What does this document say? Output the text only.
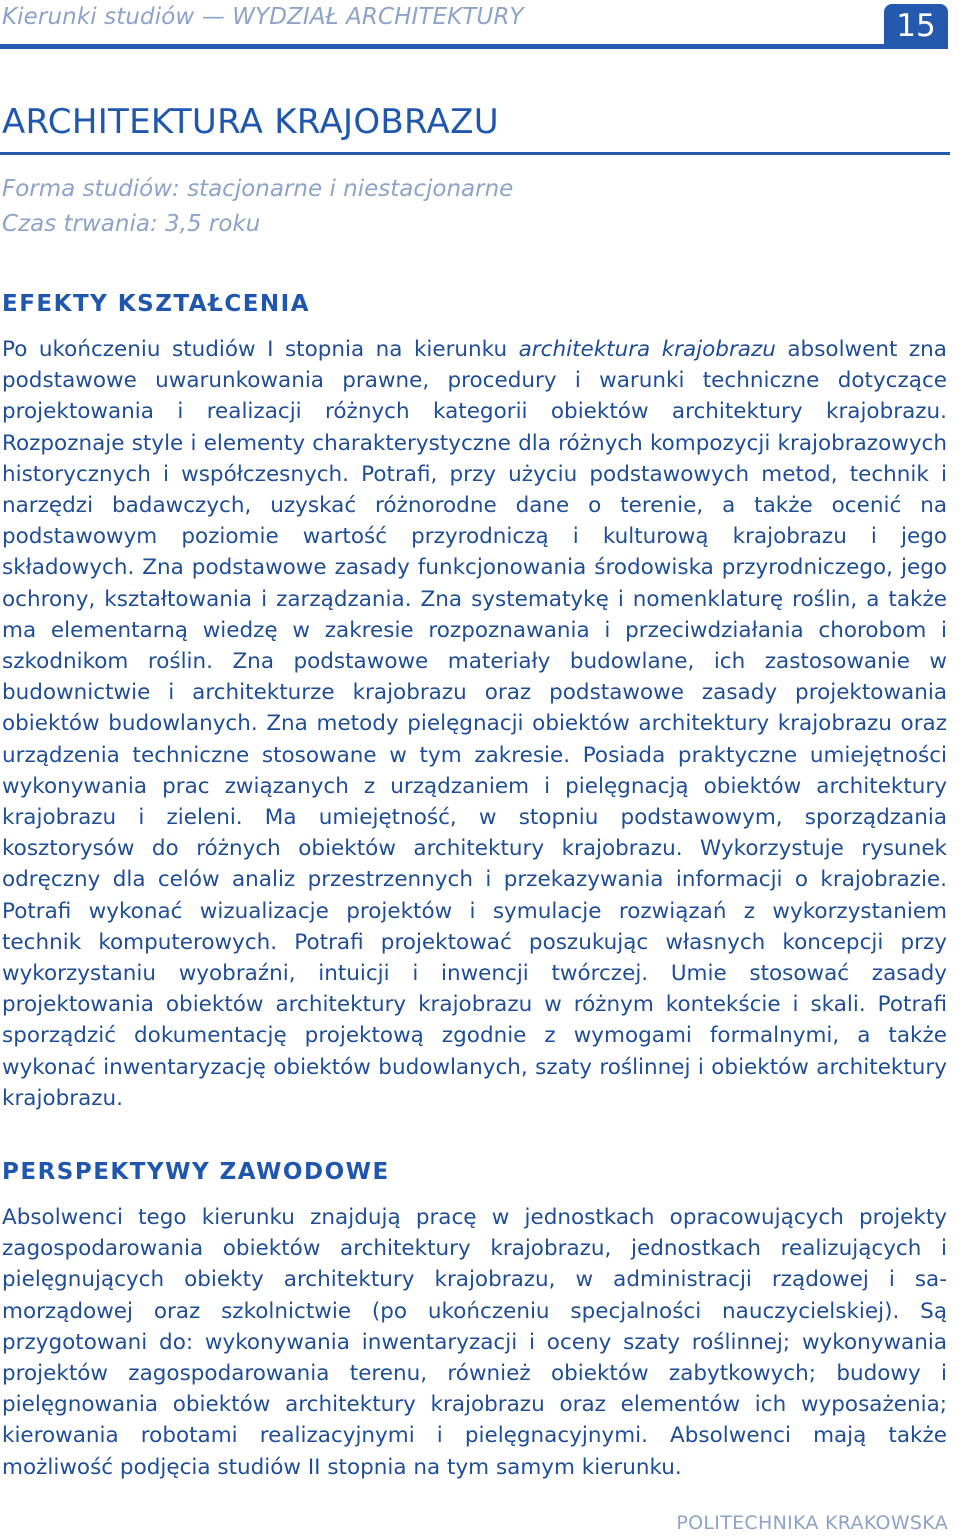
Kierunki studiów — WYDZIAŁ ARCHITEKTURY	15
ARCHITEKTURA KRAJOBRAZU
Forma studiów: stacjonarne i niestacjonarne
Czas trwania: 3,5 roku
EFEKTY KSZTAŁCENIA
Po ukończeniu studiów I stopnia na kierunku architektura krajobrazu absolwent zna podstawowe uwarunkowania prawne, procedury i warunki techniczne dotyczące projektowania i realizacji różnych kategorii obiektów architektury krajobrazu. Rozpoznaje style i elementy charakterystyczne dla różnych kompozycji krajobrazowych historycznych i współczesnych. Potrafi, przy użyciu podstawowych metod, technik i narzędzi badawczych, uzyskać różnorodne dane o terenie, a także ocenić na podstawowym poziomie wartość przyrodniczą i kulturową krajobrazu i jego składowych. Zna podstawowe zasady funkcjonowania środowiska przyrodniczego, jego ochrony, kształtowania i zarządzania. Zna systematykę i nomenklaturę roślin, a także ma elementarną wiedzę w zakresie rozpoznawania i przeciwdziałania chorobom i szkodnikom roślin. Zna podstawowe materiały budowlane, ich zastosowanie w budownictwie i architekturze krajobrazu oraz podstawowe zasady projektowania obiektów budowlanych. Zna metody pielęgnacji obiektów architektury krajobrazu oraz urządzenia techniczne stosowane w tym zakresie. Posiada praktyczne umiejętności wykonywania prac związanych z urządzaniem i pielęgnacją obiektów architektury krajobrazu i zieleni. Ma umiejętność, w stopniu podstawowym, sporządzania kosztorysów do różnych obiektów architektury krajobrazu. Wykorzystuje rysunek odręczny dla celów analiz przestrzennych i przekazywania informacji o krajobrazie. Potrafi wykonać wizualizacje projektów i symulacje rozwiązań z wykorzystaniem technik komputerowych. Potrafi projektować poszukując własnych koncepcji przy wykorzystaniu wyobraźni, intuicji i inwencji twórczej. Umie stosować zasady projektowania obiektów architektury krajobrazu w różnym kontekście i skali. Potrafi sporządzić dokumentację projektową zgodnie z wymogami formalnymi, a także wykonać inwentaryzację obiektów budowlanych, szaty roślinnej i obiektów architektury krajobrazu.
PERSPEKTYWY ZAWODOWE
Absolwenci tego kierunku znajdują pracę w jednostkach opracowujących projekty zagospodarowania obiektów architektury krajobrazu, jednostkach realizujących i pielęgnujących obiekty architektury krajobrazu, w administracji rządowej i samorządowej oraz szkolnictwie (po ukończeniu specjalności nauczycielskiej). Są przygotowani do: wykonywania inwentaryzacji i oceny szaty roślinnej; wykonywania projektów zagospodarowania terenu, również obiektów zabytkowych; budowy i pielęgnowania obiektów architektury krajobrazu oraz elementów ich wyposażenia; kierowania robotami realizacyjnymi i pielęgnacyjnymi. Absolwenci mają także możliwość podjęcia studiów II stopnia na tym samym kierunku.
POLITECHNIKA KRAKOWSKA
